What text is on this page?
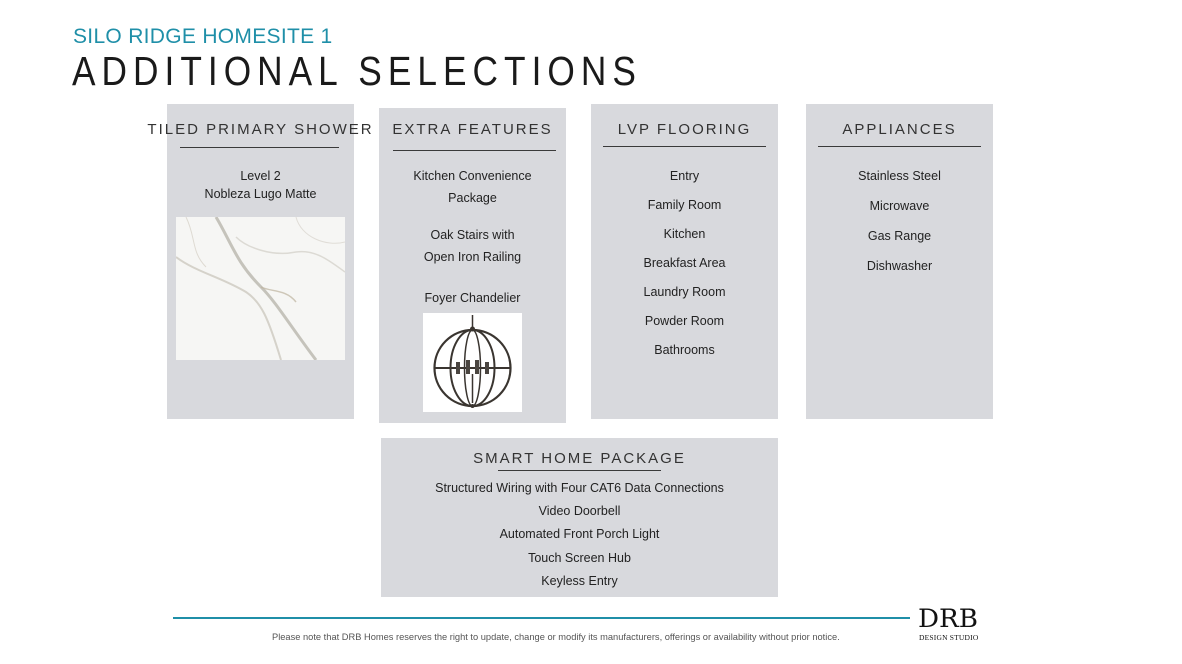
SILO RIDGE HOMESITE 1
ADDITIONAL SELECTIONS
TILED PRIMARY SHOWER
Level 2
Nobleza Lugo Matte
EXTRA FEATURES
Kitchen Convenience
Package
Oak Stairs with
Open Iron Railing
Foyer Chandelier
LVP FLOORING
Entry
Family Room
Kitchen
Breakfast Area
Laundry Room
Powder Room
Bathrooms
APPLIANCES
Stainless Steel
Microwave
Gas Range
Dishwasher
SMART HOME PACKAGE
Structured Wiring with Four CAT6 Data Connections
Video Doorbell
Automated Front Porch Light
Touch Screen Hub
Keyless Entry
Please note that DRB Homes reserves the right to update, change or modify its manufacturers, offerings or availability without prior notice.
DRB
DESIGN STUDIO
